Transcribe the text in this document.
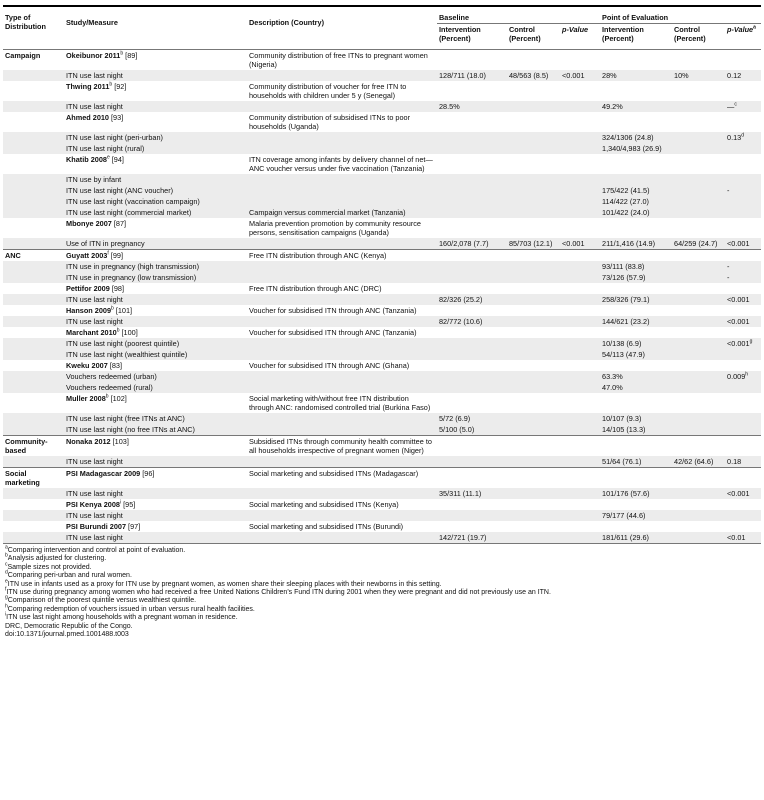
Type of Distribution	Study/Measure	Description (Country)	Baseline			Point of Evaluation		
			Intervention (Percent)	Control (Percent)	p-Value	Intervention (Percent)	Control (Percent)	p-Value$^a$
Campaign	Okeibunor 2011$^b$ [89]	Community distribution of free ITNs to pregnant women (Nigeria)						
	ITN use last night		128/711 (18.0)	48/563 (8.5)	<0.001	28%	10%	0.12
	Thwing 2011$^b$ [92]	Community distribution of voucher for free ITN to households with children under 5 y (Senegal)						
	ITN use last night		28.5%			49.2%		—$^c$
	Ahmed 2010 [93]	Community distribution of subsidised ITNs to poor households (Uganda)						
	ITN use last night (peri-urban)					324/1306 (24.8)		0.13$^d$
	ITN use last night (rural)					1,340/4,983 (26.9)		
	Khatib 2008e [94]	ITN coverage among infants by delivery channel of net—ANC voucher versus under five vaccination (Tanzania)						
	ITN use by infant							
	ITN use last night (ANC voucher)					175/422 (41.5)		-
	ITN use last night (vaccination campaign)					114/422 (27.0)		
	ITN use last night (commercial market)	Campaign versus commercial market (Tanzania)				101/422 (24.0)		
	Mbonye 2007 [87]	Malaria prevention promotion by community resource persons, sensitisation campaigns (Uganda)						
	Use of ITN in pregnancy		160/2,078 (7.7)	85/703 (12.1)	<0.001	211/1,416 (14.9)	64/259 (24.7)	<0.001
ANC	Guyatt 2003$^f$ [99]	Free ITN distribution through ANC (Kenya)						
	ITN use in pregnancy (high transmission)					93/111 (83.8)		-
	ITN use in pregnancy (low transmission)					73/126 (57.9)		-
	Pettifor 2009 [98]	Free ITN distribution through ANC (DRC)						
	ITN use last night		82/326 (25.2)			258/326 (79.1)		<0.001
	Hanson 2009$^b$ [101]	Voucher for subsidised ITN through ANC (Tanzania)						
	ITN use last night		82/772 (10.6)			144/621 (23.2)		<0.001
	Marchant 2010$^b$ [100]	Voucher for subsidised ITN through ANC (Tanzania)						
	ITN use last night (poorest quintile)					10/138 (6.9)		<0.001$^g$
	ITN use last night (wealthiest quintile)					54/113 (47.9)		
	Kweku 2007 [83]	Voucher for subsidised ITN through ANC (Ghana)						
	Vouchers redeemed (urban)					63.3%		0.009$^h$
	Vouchers redeemed (rural)					47.0%		
	Muller 2008$^b$ [102]	Social marketing with/without free ITN distribution through ANC: randomised controlled trial (Burkina Faso)						
	ITN use last night (free ITNs at ANC)		5/72 (6.9)			10/107 (9.3)		
	ITN use last night (no free ITNs at ANC)		5/100 (5.0)			14/105 (13.3)		
Community-based	Nonaka 2012 [103]	Subsidised ITNs through community health committee to all households irrespective of pregnant women (Niger)						
	ITN use last night					51/64 (76.1)	42/62 (64.6)	0.18
Social marketing	PSI Madagascar 2009 [96]	Social marketing and subsidised ITNs (Madagascar)						
	ITN use last night		35/311 (11.1)			101/176 (57.6)		<0.001
	PSI Kenya 2008$^i$ [95]	Social marketing and subsidised ITNs (Kenya)						
	ITN use last night					79/177 (44.6)		
	PSI Burundi 2007 [97]	Social marketing and subsidised ITNs (Burundi)						
	ITN use last night		142/721 (19.7)			181/611 (29.6)		<0.01
$^a$Comparing intervention and control at point of evaluation.
$^b$Analysis adjusted for clustering.
$^c$Sample sizes not provided.
$^d$Comparing peri-urban and rural women.
$^e$ITN use in infants used as a proxy for ITN use by pregnant women, as women share their sleeping places with their newborns in this setting.
$^f$ITN use during pregnancy among women who had received a free United Nations Children's Fund ITN during 2001 when they were pregnant and did not previously use an ITN.
$^g$Comparison of the poorest quintile versus wealthiest quintile.
$^h$Comparing redemption of vouchers issued in urban versus rural health facilities.
$^i$ITN use last night among households with a pregnant woman in residence.
DRC, Democratic Republic of the Congo.
doi:10.1371/journal.pmed.1001488.t003
